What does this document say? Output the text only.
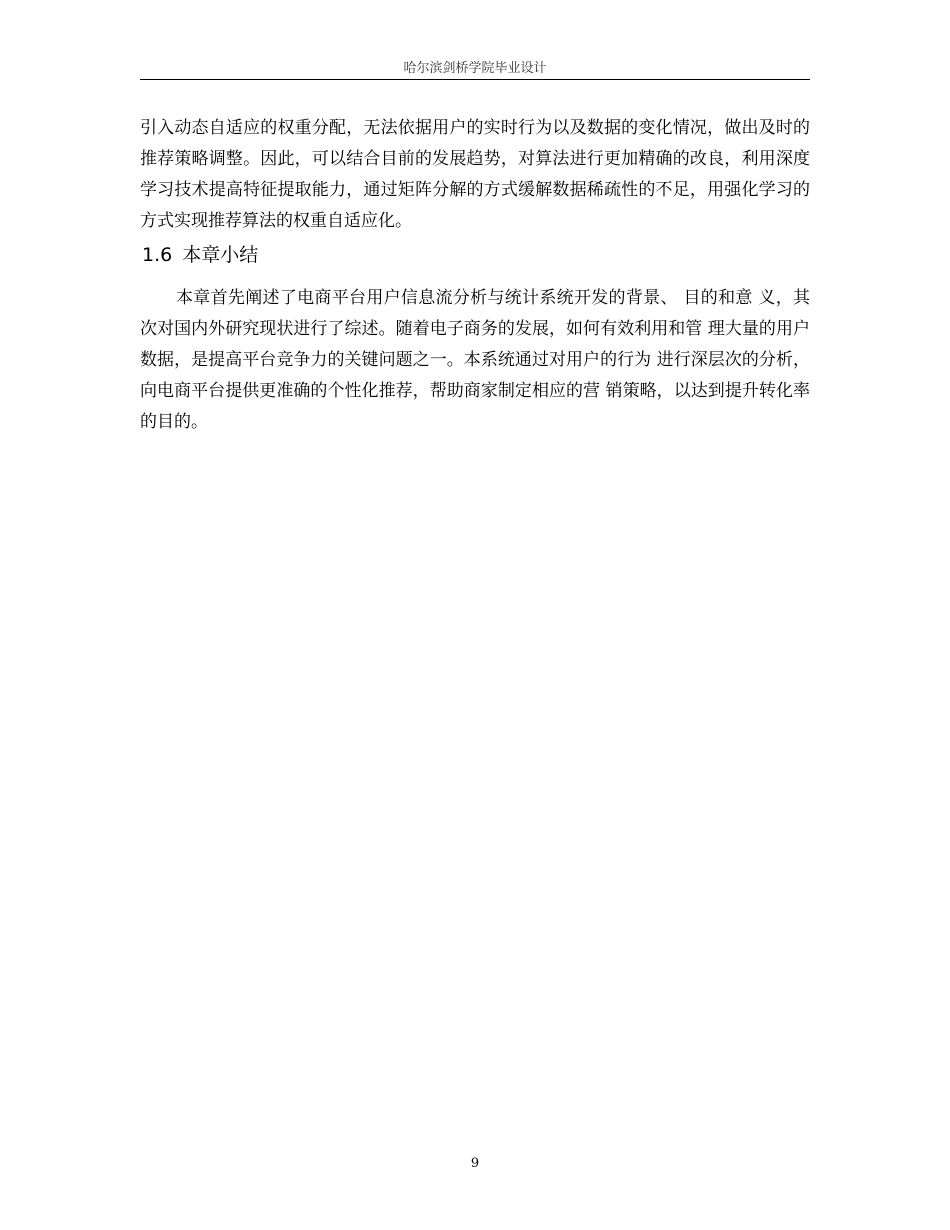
哈尔滨剑桥学院毕业设计

引入动态自适应的权重分配，无法依据用户的实时行为以及数据的变化情况，做出及时的推荐策略调整。因此，可以结合目前的发展趋势，对算法进行更加精确的改良，利用深度学习技术提高特征提取能力，通过矩阵分解的方式缓解数据稀疏性的不足，用强化学习的方式实现推荐算法的权重自适应化。

1.6 本章小结

本章首先阐述了电商平台用户信息流分析与统计系统开发的背景、 目的和意 义，其次对国内外研究现状进行了综述。随着电子商务的发展，如何有效利用和管 理大量的用户数据，是提高平台竞争力的关键问题之一。本系统通过对用户的行为 进行深层次的分析，向电商平台提供更准确的个性化推荐，帮助商家制定相应的营 销策略，以达到提升转化率的目的。

9
